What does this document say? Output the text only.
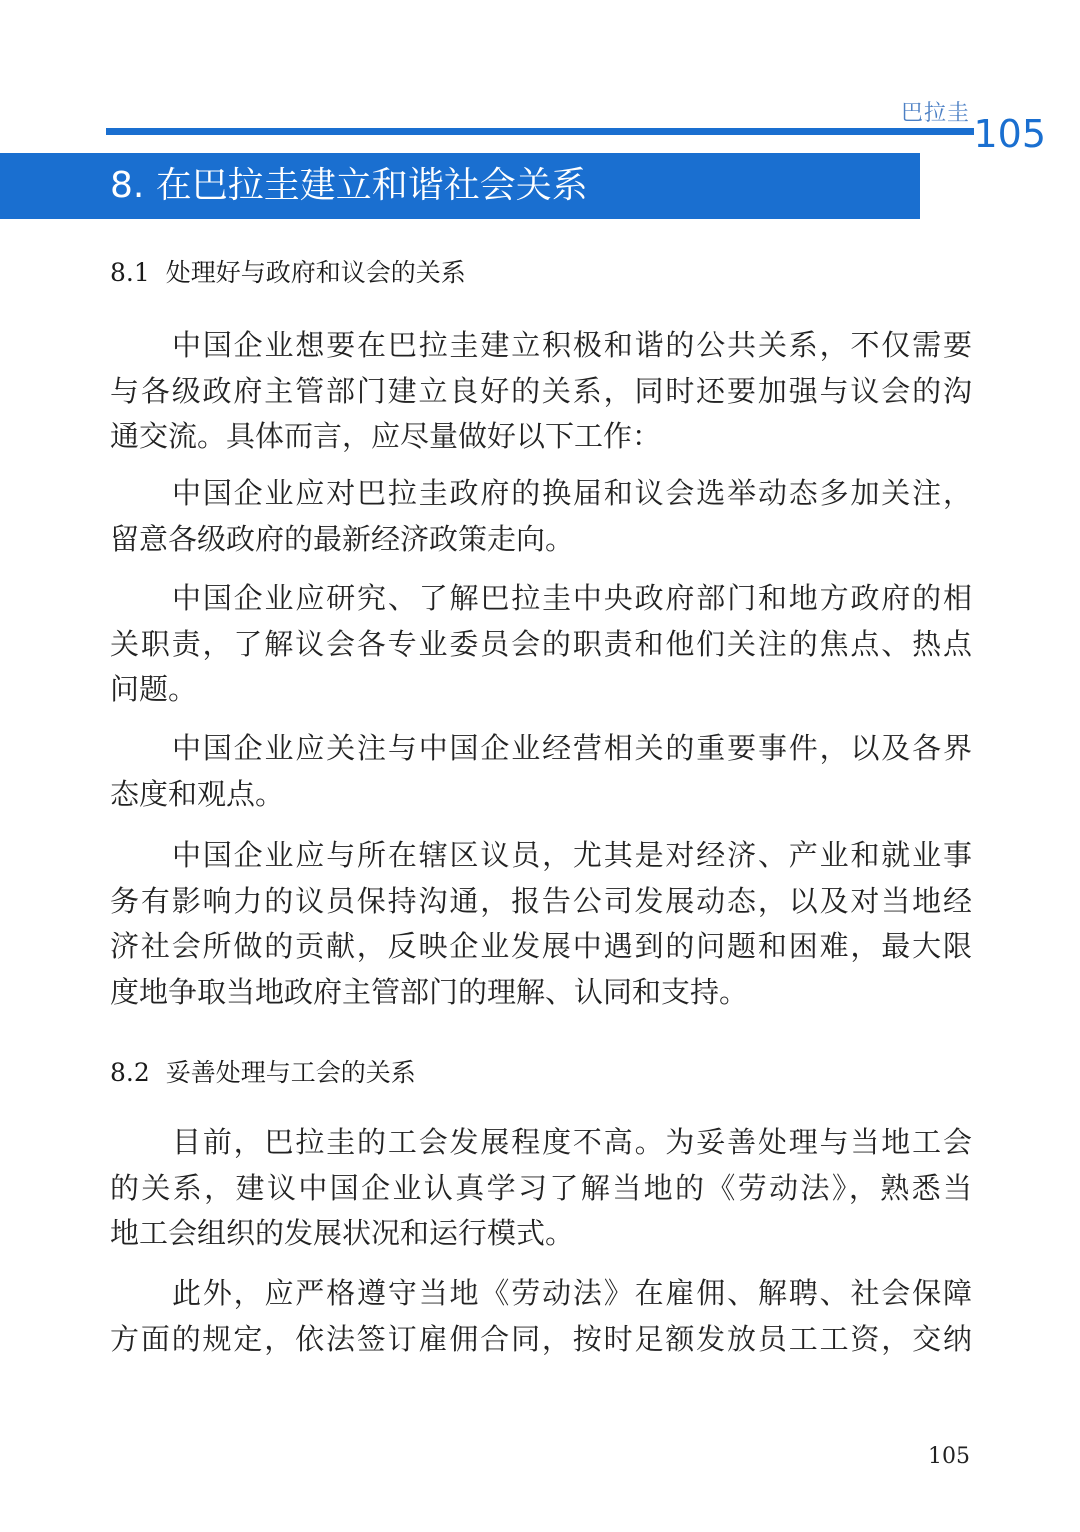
巴拉圭 105
8. 在巴拉圭建立和谐社会关系
8.1 处理好与政府和议会的关系
中国企业想要在巴拉圭建立积极和谐的公共关系，不仅需要
与各级政府主管部门建立良好的关系，同时还要加强与议会的沟
通交流。具体而言，应尽量做好以下工作：
中国企业应对巴拉圭政府的换届和议会选举动态多加关注，
留意各级政府的最新经济政策走向。
中国企业应研究、了解巴拉圭中央政府部门和地方政府的相
关职责，了解议会各专业委员会的职责和他们关注的焦点、热点
问题。
中国企业应关注与中国企业经营相关的重要事件，以及各界
态度和观点。
中国企业应与所在辖区议员，尤其是对经济、产业和就业事
务有影响力的议员保持沟通，报告公司发展动态，以及对当地经
济社会所做的贡献，反映企业发展中遇到的问题和困难，最大限
度地争取当地政府主管部门的理解、认同和支持。
8.2 妥善处理与工会的关系
目前，巴拉圭的工会发展程度不高。为妥善处理与当地工会
的关系，建议中国企业认真学习了解当地的《劳动法》，熟悉当
地工会组织的发展状况和运行模式。
此外，应严格遵守当地《劳动法》在雇佣、解聘、社会保障
方面的规定，依法签订雇佣合同，按时足额发放员工工资，交纳
105
